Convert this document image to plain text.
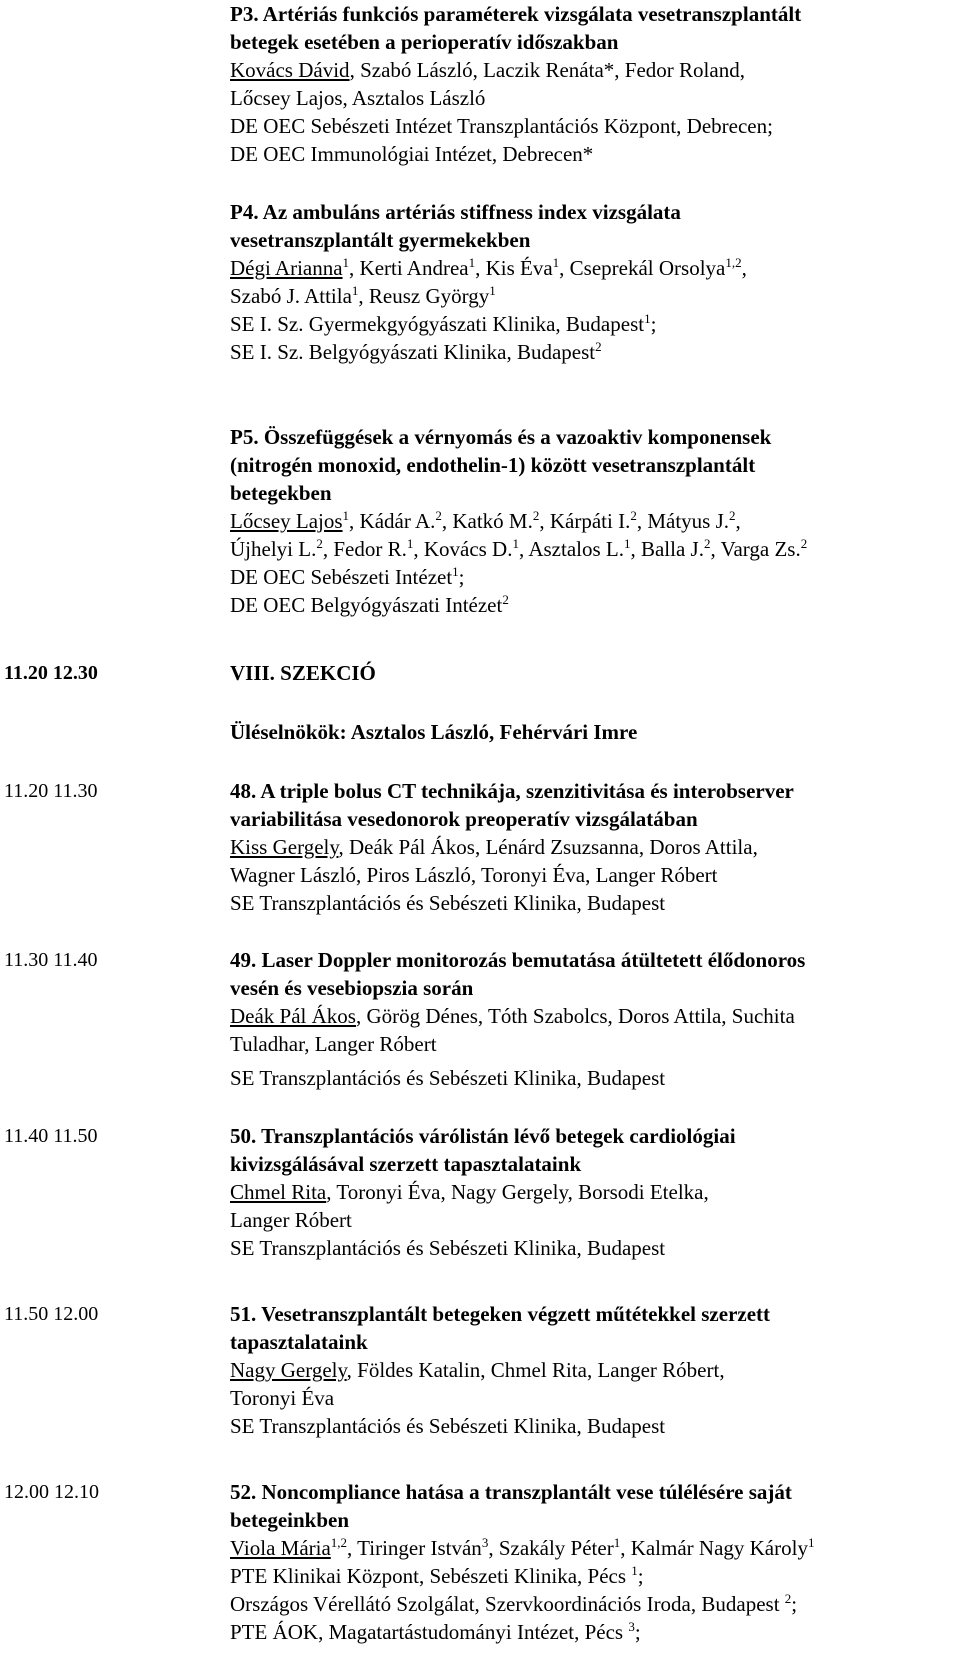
P3. Artériás funkciós paraméterek vizsgálata vesetranszplantált
betegek esetében a perioperatív időszakban
Kovács Dávid, Szabó László, Laczik Renáta*, Fedor Roland,
Lőcsey Lajos, Asztalos László
DE OEC Sebészeti Intézet Transzplantációs Központ, Debrecen;
DE OEC Immunológiai Intézet, Debrecen*
P4. Az ambuláns artériás stiffness index vizsgálata
vesetranszplantált gyermekekben
Dégi Arianna$^1$, Kerti Andrea$^1$, Kis Éva$^1$, Cseprekál Orsolya$^{1,2}$,
Szabó J. Attila$^1$, Reusz György$^1$
SE I. Sz. Gyermekgyógyászati Klinika, Budapest$^1$;
SE I. Sz. Belgyógyászati Klinika, Budapest$^2$
P5. Összefüggések a vérnyomás és a vazoaktiv komponensek
(nitrogén monoxid, endothelin-1) között vesetranszplantált
betegekben
Lőcsey Lajos$^1$, Kádár A.$^2$, Katkó M.$^2$, Kárpáti I.$^2$, Mátyus J.$^2$,
Újhelyi L.$^2$, Fedor R.$^1$, Kovács D.$^1$, Asztalos L.$^1$, Balla J.$^2$, Varga Zs.$^2$
DE OEC Sebészeti Intézet$^1$;
DE OEC Belgyógyászati Intézet$^2$
11.20 12.30	VIII. SZEKCIÓ
Üléselnökök: Asztalos László, Fehérvári Imre
11.20 11.30	48. A triple bolus CT technikája, szenzitivitása és interobserver
variabilitása vesedonorok preoperatív vizsgálatában
Kiss Gergely, Deák Pál Ákos, Lénárd Zsuzsanna, Doros Attila,
Wagner László, Piros László, Toronyi Éva, Langer Róbert
SE Transzplantációs és Sebészeti Klinika, Budapest
11.30 11.40	49. Laser Doppler monitorozás bemutatása átültetett élődonoros
vesén és vesebiopszia során
Deák Pál Ákos, Görög Dénes, Tóth Szabolcs, Doros Attila, Suchita
Tuladhar, Langer Róbert
SE Transzplantációs és Sebészeti Klinika, Budapest
11.40 11.50	50. Transzplantációs várólistán lévő betegek cardiológiai
kivizsgálásával szerzett tapasztalataink
Chmel Rita, Toronyi Éva, Nagy Gergely, Borsodi Etelka,
Langer Róbert
SE Transzplantációs és Sebészeti Klinika, Budapest
11.50 12.00	51. Vesetranszplantált betegeken végzett műtétekkel szerzett
tapasztalataink
Nagy Gergely, Földes Katalin, Chmel Rita, Langer Róbert,
Toronyi Éva
SE Transzplantációs és Sebészeti Klinika, Budapest
12.00 12.10	52. Noncompliance hatása a transzplantált vese túlélésére saját
betegeinkben
Viola Mária$^{1,2}$, Tiringer István$^3$, Szakály Péter$^1$, Kalmár Nagy Károly$^1$
PTE Klinikai Központ, Sebészeti Klinika, Pécs $^1$;
Országos Vérellátó Szolgálat, Szervkoordinációs Iroda, Budapest $^2$;
PTE ÁOK, Magatartástudományi Intézet, Pécs $^3$;
